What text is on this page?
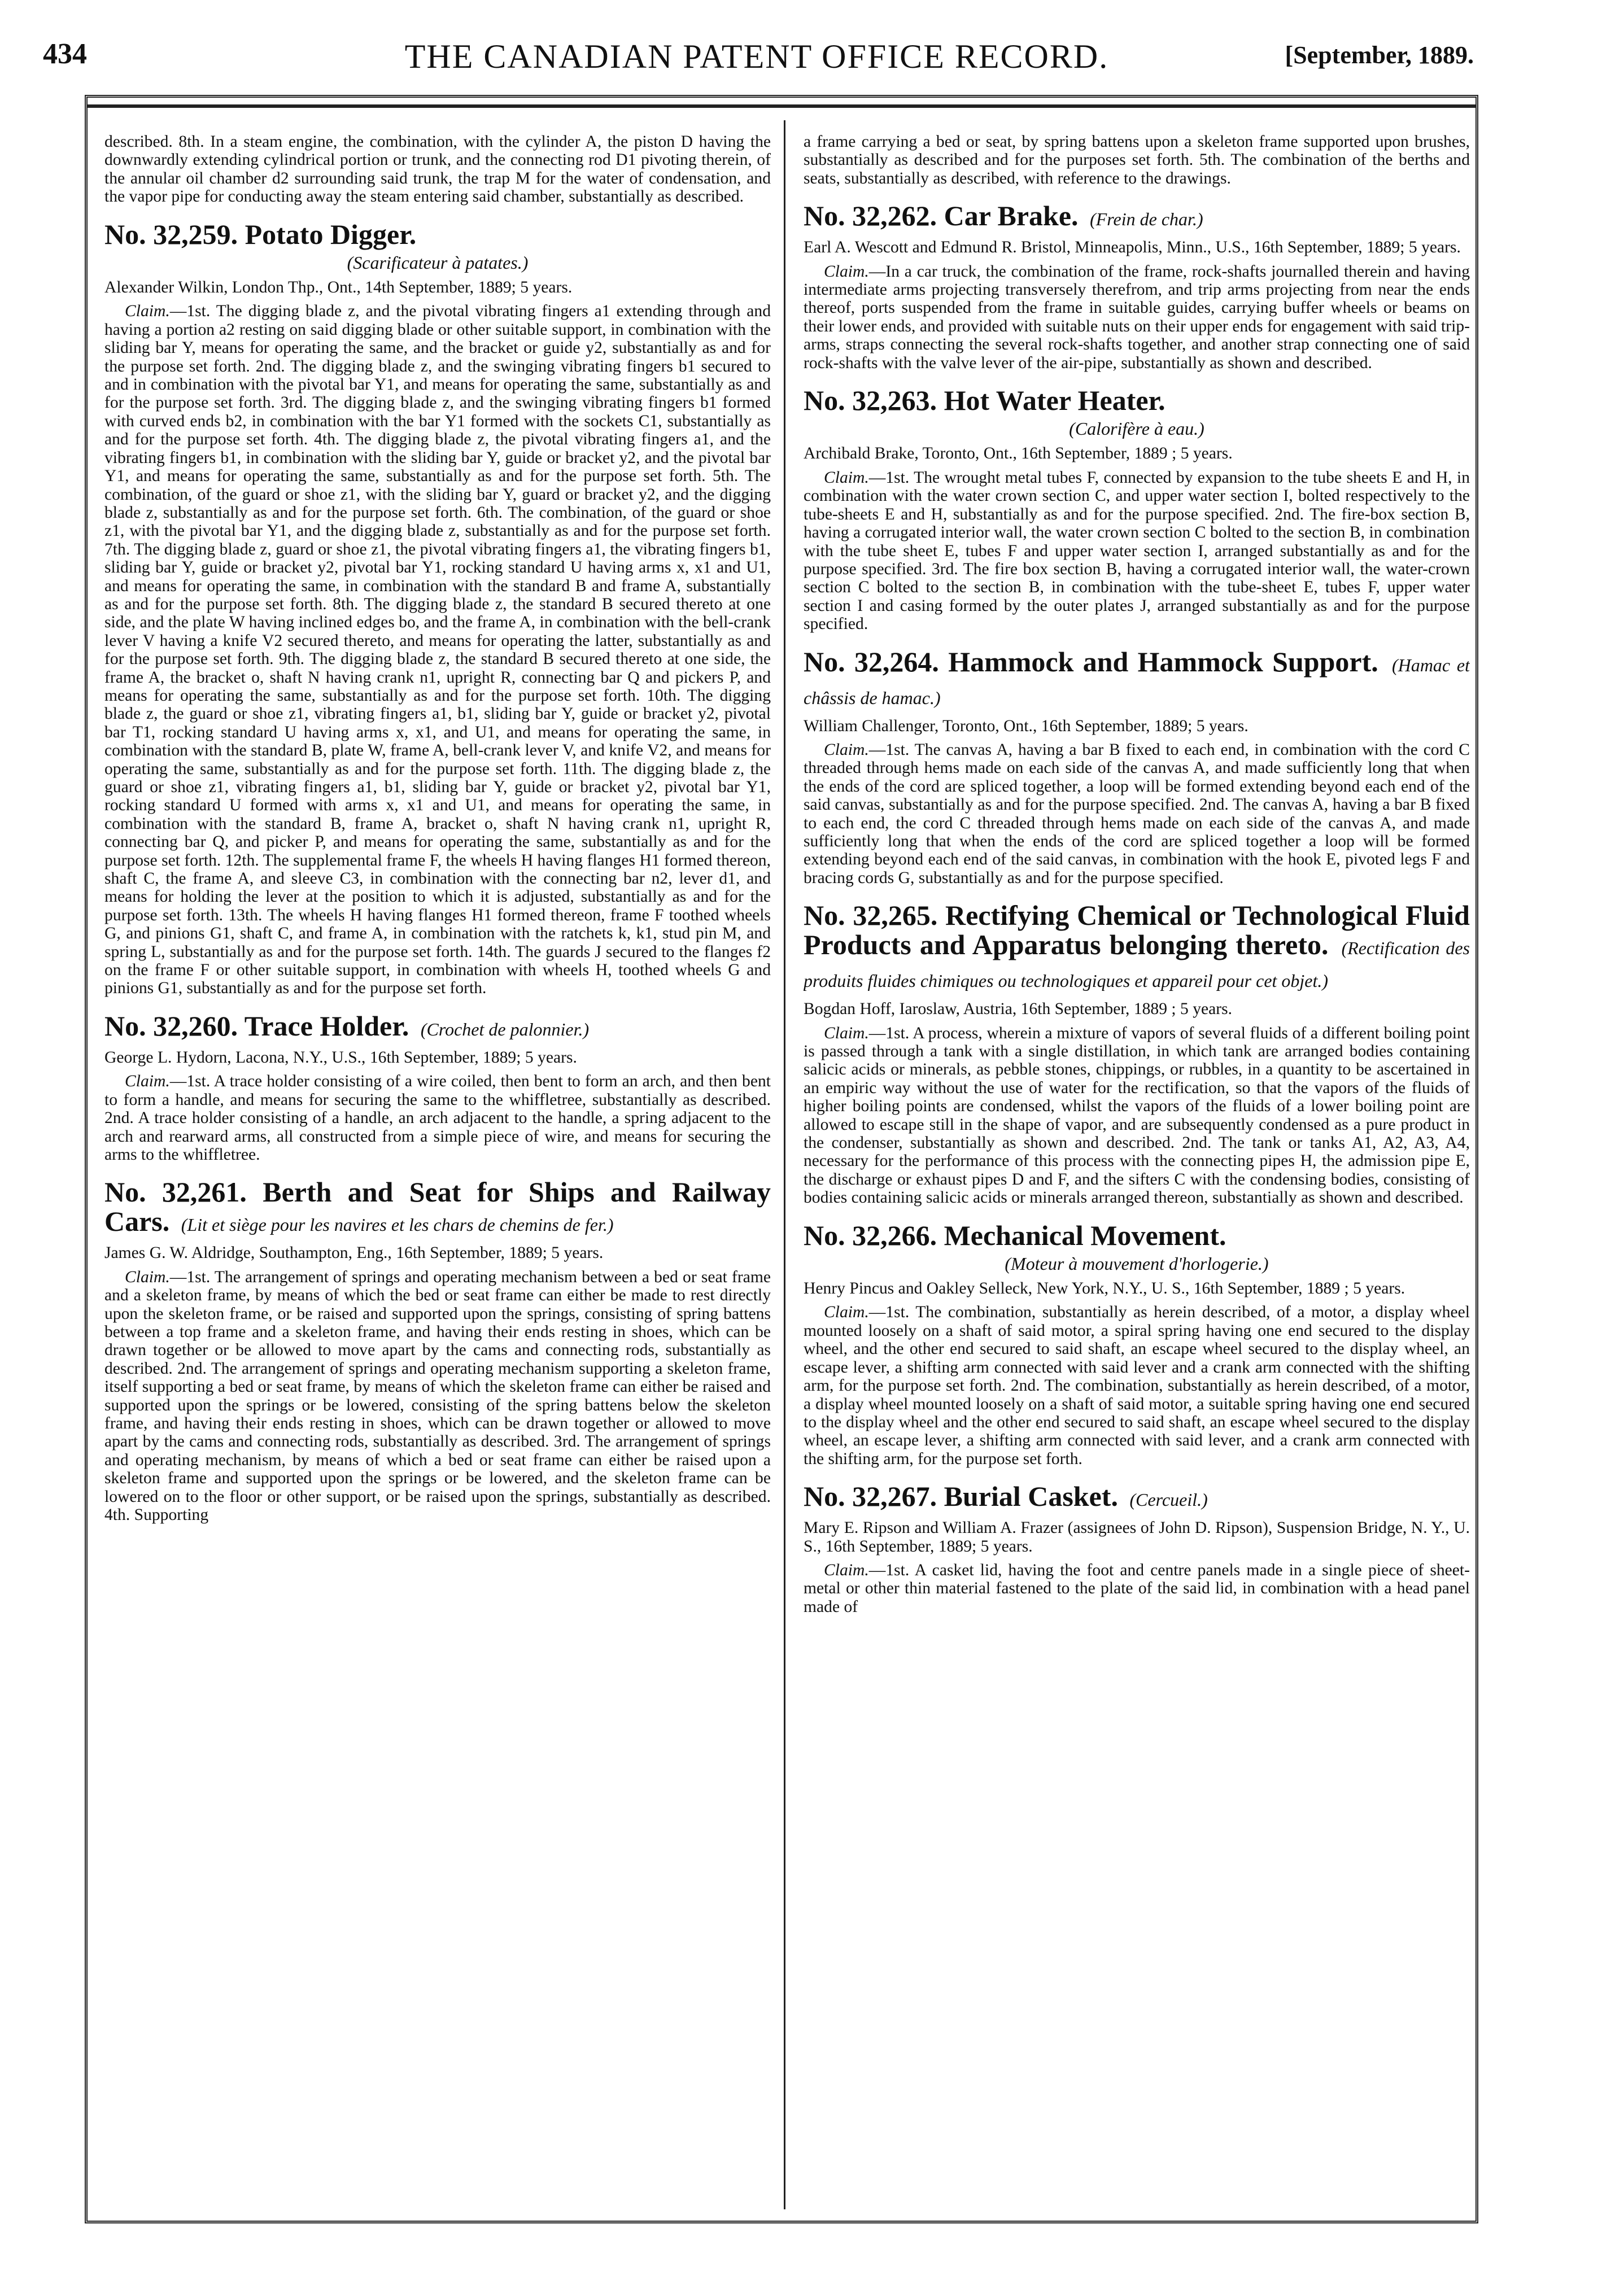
434	THE CANADIAN PATENT OFFICE RECORD.	[September, 1889.

described. 8th. In a steam engine, the combination, with the cylinder A, the piston D having the downwardly extending cylindrical portion or trunk, and the connecting rod D1 pivoting therein, of the annular oil chamber d2 surrounding said trunk, the trap M for the water of condensation, and the vapor pipe for conducting away the steam entering said chamber, substantially as described.

No. 32,259. Potato Digger.
(Scarificateur à patates.)

Alexander Wilkin, London Thp., Ont., 14th September, 1889; 5 years.

Claim.—1st. The digging blade z, and the pivotal vibrating fingers a1 extending through and having a portion a2 resting on said digging blade or other suitable support, in combination with the sliding bar Y, means for operating the same, and the bracket or guide y2, substantially as and for the purpose set forth. 2nd. The digging blade z, and the swinging vibrating fingers b1 secured to and in combination with the pivotal bar Y1, and means for operating the same, substantially as and for the purpose set forth. 3rd. The digging blade z, and the swinging vibrating fingers b1 formed with curved ends b2, in combination with the bar Y1 formed with the sockets C1, substantially as and for the purpose set forth. 4th. The digging blade z, the pivotal vibrating fingers a1, and the vibrating fingers b1, in combination with the sliding bar Y, guide or bracket y2, and the pivotal bar Y1, and means for operating the same, substantially as and for the purpose set forth. 5th. The combination, of the guard or shoe z1, with the sliding bar Y, guard or bracket y2, and the digging blade z, substantially as and for the purpose set forth. 6th. The combination, of the guard or shoe z1, with the pivotal bar Y1, and the digging blade z, substantially as and for the purpose set forth. 7th. The digging blade z, guard or shoe z1, the pivotal vibrating fingers a1, the vibrating fingers b1, sliding bar Y, guide or bracket y2, pivotal bar Y1, rocking standard U having arms x, x1 and U1, and means for operating the same, in combination with the standard B and frame A, substantially as and for the purpose set forth. 8th. The digging blade z, the standard B secured thereto at one side, and the plate W having inclined edges bo, and the frame A, in combination with the bell-crank lever V having a knife V2 secured thereto, and means for operating the latter, substantially as and for the purpose set forth. 9th. The digging blade z, the standard B secured thereto at one side, the frame A, the bracket o, shaft N having crank n1, upright R, connecting bar Q and pickers P, and means for operating the same, substantially as and for the purpose set forth. 10th. The digging blade z, the guard or shoe z1, vibrating fingers a1, b1, sliding bar Y, guide or bracket y2, pivotal bar T1, rocking standard U having arms x, x1, and U1, and means for operating the same, in combination with the standard B, plate W, frame A, bell-crank lever V, and knife V2, and means for operating the same, substantially as and for the purpose set forth. 11th. The digging blade z, the guard or shoe z1, vibrating fingers a1, b1, sliding bar Y, guide or bracket y2, pivotal bar Y1, rocking standard U formed with arms x, x1 and U1, and means for operating the same, in combination with the standard B, frame A, bracket o, shaft N having crank n1, upright R, connecting bar Q, and picker P, and means for operating the same, substantially as and for the purpose set forth. 12th. The supplemental frame F, the wheels H having flanges H1 formed thereon, shaft C, the frame A, and sleeve C3, in combination with the connecting bar n2, lever d1, and means for holding the lever at the position to which it is adjusted, substantially as and for the purpose set forth. 13th. The wheels H having flanges H1 formed thereon, frame F toothed wheels G, and pinions G1, shaft C, and frame A, in combination with the ratchets k, k1, stud pin M, and spring L, substantially as and for the purpose set forth. 14th. The guards J secured to the flanges f2 on the frame F or other suitable support, in combination with wheels H, toothed wheels G and pinions G1, substantially as and for the purpose set forth.

No. 32,260. Trace Holder. (Crochet de palonnier.)

George L. Hydorn, Lacona, N.Y., U.S., 16th September, 1889; 5 years.

Claim.—1st. A trace holder consisting of a wire coiled, then bent to form an arch, and then bent to form a handle, and means for securing the same to the whiffletree, substantially as described. 2nd. A trace holder consisting of a handle, an arch adjacent to the handle, a spring adjacent to the arch and rearward arms, all constructed from a simple piece of wire, and means for securing the arms to the whiffletree.

No. 32,261. Berth and Seat for Ships and Railway Cars. (Lit et siège pour les navires et les chars de chemins de fer.)

James G. W. Aldridge, Southampton, Eng., 16th September, 1889; 5 years.

Claim.—1st. The arrangement of springs and operating mechanism between a bed or seat frame and a skeleton frame, by means of which the bed or seat frame can either be made to rest directly upon the skeleton frame, or be raised and supported upon the springs, consisting of spring battens between a top frame and a skeleton frame, and having their ends resting in shoes, which can be drawn together or be allowed to move apart by the cams and connecting rods, substantially as described. 2nd. The arrangement of springs and operating mechanism supporting a skeleton frame, itself supporting a bed or seat frame, by means of which the skeleton frame can either be raised and supported upon the springs or be lowered, consisting of the spring battens below the skeleton frame, and having their ends resting in shoes, which can be drawn together or allowed to move apart by the cams and connecting rods, substantially as described. 3rd. The arrangement of springs and operating mechanism, by means of which a bed or seat frame can either be raised upon a skeleton frame and supported upon the springs or be lowered, and the skeleton frame can be lowered on to the floor or other support, or be raised upon the springs, substantially as described. 4th. Supporting

a frame carrying a bed or seat, by spring battens upon a skeleton frame supported upon brushes, substantially as described and for the purposes set forth. 5th. The combination of the berths and seats, substantially as described, with reference to the drawings.

No. 32,262. Car Brake. (Frein de char.)

Earl A. Wescott and Edmund R. Bristol, Minneapolis, Minn., U.S., 16th September, 1889; 5 years.

Claim.—In a car truck, the combination of the frame, rock-shafts journalled therein and having intermediate arms projecting transversely therefrom, and trip arms projecting from near the ends thereof, ports suspended from the frame in suitable guides, carrying buffer wheels or beams on their lower ends, and provided with suitable nuts on their upper ends for engagement with said trip-arms, straps connecting the several rock-shafts together, and another strap connecting one of said rock-shafts with the valve lever of the air-pipe, substantially as shown and described.

No. 32,263. Hot Water Heater.
(Calorifère à eau.)

Archibald Brake, Toronto, Ont., 16th September, 1889 ; 5 years.

Claim.—1st. The wrought metal tubes F, connected by expansion to the tube sheets E and H, in combination with the water crown section C, and upper water section I, bolted respectively to the tube-sheets E and H, substantially as and for the purpose specified. 2nd. The fire-box section B, having a corrugated interior wall, the water crown section C bolted to the section B, in combination with the tube sheet E, tubes F and upper water section I, arranged substantially as and for the purpose specified. 3rd. The fire box section B, having a corrugated interior wall, the water-crown section C bolted to the section B, in combination with the tube-sheet E, tubes F, upper water section I and casing formed by the outer plates J, arranged substantially as and for the purpose specified.

No. 32,264. Hammock and Hammock Support. (Hamac et châssis de hamac.)

William Challenger, Toronto, Ont., 16th September, 1889; 5 years.

Claim.—1st. The canvas A, having a bar B fixed to each end, in combination with the cord C threaded through hems made on each side of the canvas A, and made sufficiently long that when the ends of the cord are spliced together, a loop will be formed extending beyond each end of the said canvas, substantially as and for the purpose specified. 2nd. The canvas A, having a bar B fixed to each end, the cord C threaded through hems made on each side of the canvas A, and made sufficiently long that when the ends of the cord are spliced together a loop will be formed extending beyond each end of the said canvas, in combination with the hook E, pivoted legs F and bracing cords G, substantially as and for the purpose specified.

No. 32,265. Rectifying Chemical or Technological Fluid Products and Apparatus belonging thereto. (Rectification des produits fluides chimiques ou technologiques et appareil pour cet objet.)

Bogdan Hoff, Iaroslaw, Austria, 16th September, 1889 ; 5 years.

Claim.—1st. A process, wherein a mixture of vapors of several fluids of a different boiling point is passed through a tank with a single distillation, in which tank are arranged bodies containing salicic acids or minerals, as pebble stones, chippings, or rubbles, in a quantity to be ascertained in an empiric way without the use of water for the rectification, so that the vapors of the fluids of higher boiling points are condensed, whilst the vapors of the fluids of a lower boiling point are allowed to escape still in the shape of vapor, and are subsequently condensed as a pure product in the condenser, substantially as shown and described. 2nd. The tank or tanks A1, A2, A3, A4, necessary for the performance of this process with the connecting pipes H, the admission pipe E, the discharge or exhaust pipes D and F, and the sifters C with the condensing bodies, consisting of bodies containing salicic acids or minerals arranged thereon, substantially as shown and described.

No. 32,266. Mechanical Movement.
(Moteur à mouvement d'horlogerie.)

Henry Pincus and Oakley Selleck, New York, N.Y., U. S., 16th September, 1889 ; 5 years.

Claim.—1st. The combination, substantially as herein described, of a motor, a display wheel mounted loosely on a shaft of said motor, a spiral spring having one end secured to the display wheel, and the other end secured to said shaft, an escape wheel secured to the display wheel, an escape lever, a shifting arm connected with said lever and a crank arm connected with the shifting arm, for the purpose set forth. 2nd. The combination, substantially as herein described, of a motor, a display wheel mounted loosely on a shaft of said motor, a suitable spring having one end secured to the display wheel and the other end secured to said shaft, an escape wheel secured to the display wheel, an escape lever, a shifting arm connected with said lever, and a crank arm connected with the shifting arm, for the purpose set forth.

No. 32,267. Burial Casket. (Cercueil.)

Mary E. Ripson and William A. Frazer (assignees of John D. Ripson), Suspension Bridge, N. Y., U. S., 16th September, 1889; 5 years.

Claim.—1st. A casket lid, having the foot and centre panels made in a single piece of sheet-metal or other thin material fastened to the plate of the said lid, in combination with a head panel made of
